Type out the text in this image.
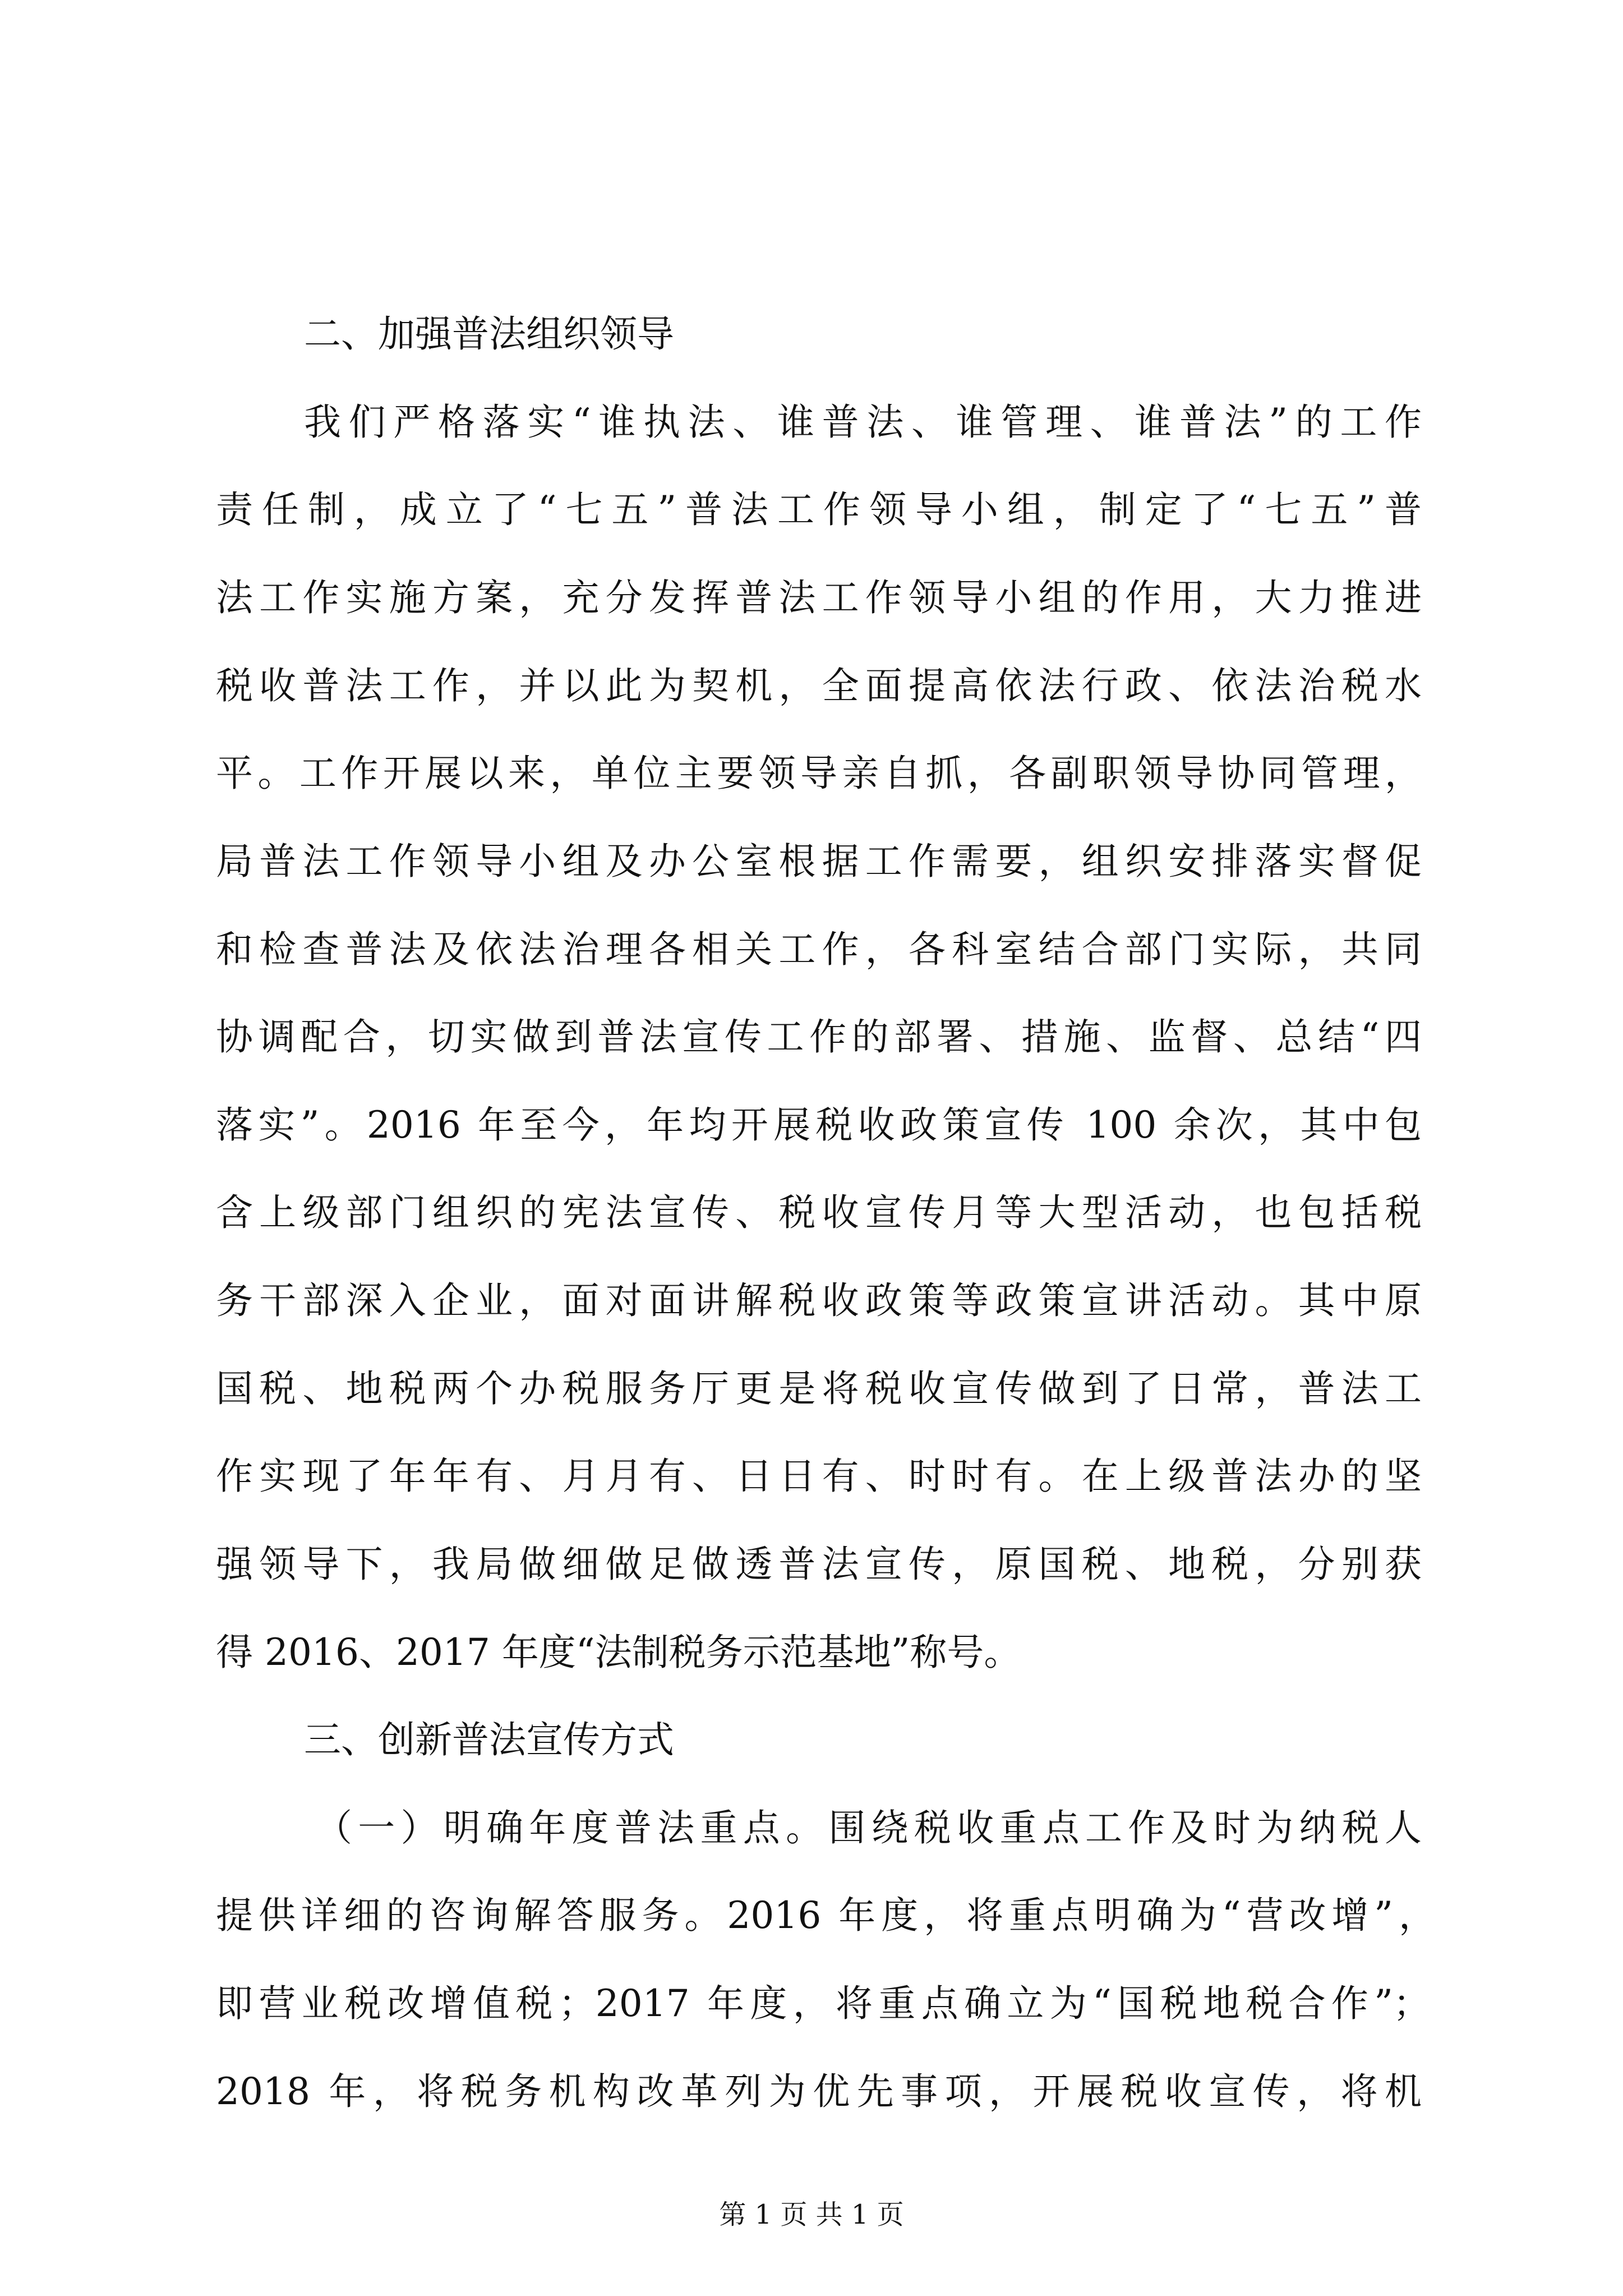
二、加强普法组织领导
我们严格落实“谁执法、谁普法、谁管理、谁普法”的工作
责任制，成立了“七五”普法工作领导小组，制定了“七五”普
法工作实施方案，充分发挥普法工作领导小组的作用，大力推进
税收普法工作，并以此为契机，全面提高依法行政、依法治税水
平。工作开展以来，单位主要领导亲自抓，各副职领导协同管理，
局普法工作领导小组及办公室根据工作需要，组织安排落实督促
和检查普法及依法治理各相关工作，各科室结合部门实际，共同
协调配合，切实做到普法宣传工作的部署、措施、监督、总结“四
落实”。2016 年至今，年均开展税收政策宣传 100 余次，其中包
含上级部门组织的宪法宣传、税收宣传月等大型活动，也包括税
务干部深入企业，面对面讲解税收政策等政策宣讲活动。其中原
国税、地税两个办税服务厅更是将税收宣传做到了日常，普法工
作实现了年年有、月月有、日日有、时时有。在上级普法办的坚
强领导下，我局做细做足做透普法宣传，原国税、地税，分别获
得 2016、2017 年度“法制税务示范基地”称号。
三、创新普法宣传方式
（一）明确年度普法重点。围绕税收重点工作及时为纳税人
提供详细的咨询解答服务。2016 年度，将重点明确为“营改增”，
即营业税改增值税；2017 年度，将重点确立为“国税地税合作”；
2018 年，将税务机构改革列为优先事项，开展税收宣传，将机
第 1 页 共 1 页
